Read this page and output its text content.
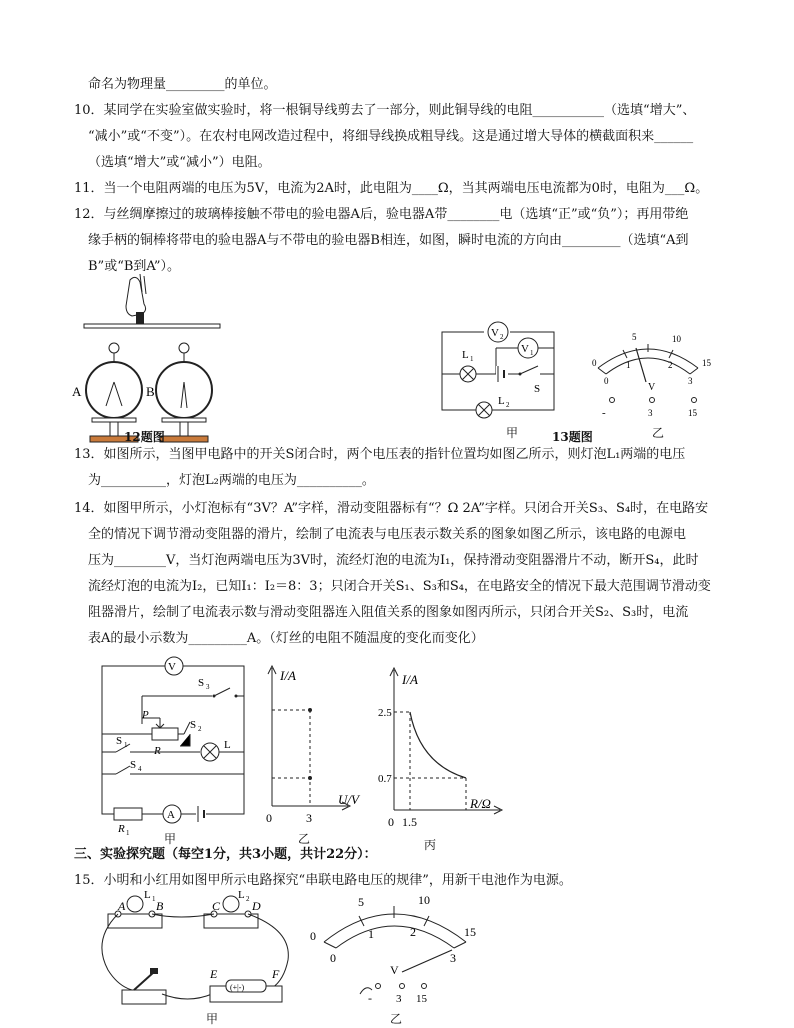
命名为物理量_________的单位。
10．某同学在实验室做实验时，将一根铜导线剪去了一部分，则此铜导线的电阻___________（选填“增大”、
“减小”或“不变”）。在农村电网改造过程中，将细导线换成粗导线。这是通过增大导体的横截面积来______
（选填“增大”或“减小”）电阻。
11．当一个电阻两端的电压为5V，电流为2A时，此电阻为____Ω，当其两端电压电流都为0时，电阻为___Ω。
12．与丝绸摩擦过的玻璃棒接触不带电的验电器A后，验电器A带________电（选填“正”或“负”）；再用带绝
缘手柄的铜棒将带电的验电器A与不带电的验电器B相连，如图，瞬时电流的方向由_________（选填“A到
B”或“B到A”）。
A	B
12题图
V 2
V 1
L 1
S
L 2
甲	13题图
0
5	10
15
0
1	2
3
V
-	3	15
乙
13．如图所示，当图甲电路中的开关S闭合时，两个电压表的指针位置均如图乙所示，则灯泡L₁两端的电压
为__________，灯泡L₂两端的电压为__________。
14．如图甲所示，小灯泡标有“3V？A”字样，滑动变阻器标有“？Ω 2A”字样。只闭合开关S₃、S₄时，在电路安
全的情况下调节滑动变阻器的滑片，绘制了电流表与电压表示数关系的图象如图乙所示，该电路的电源电
压为________V，当灯泡两端电压为3V时，流经灯泡的电流为I₁，保持滑动变阻器滑片不动，断开S₄，此时
流经灯泡的电流为I₂，已知I₁：I₂＝8：3；只闭合开关S₁、S₃和S₄，在电路安全的情况下最大范围调节滑动变
阻器滑片，绘制了电流表示数与滑动变阻器连入阻值关系的图象如图丙所示，只闭合开关S₂、S₃时，电流
表A的最小示数为_________A。（灯丝的电阻不随温度的变化而变化）
V
S 3
P
R
S 2
S 1	L
S 4
A
R 1	甲
I/A
U/V
0	3
乙
I/A
R/Ω
2.5
0.7
0 1.5
丙
三、实验探究题（每空1分，共3小题，共计22分）：
15．小明和小红用如图甲所示电路探究“串联电路电压的规律”，用新干电池作为电源。
A	B
L 1	C	D
L 2
(+|-)
E	F
甲
0
5	10
15
0
1	2
3
V
- 3 15
乙
